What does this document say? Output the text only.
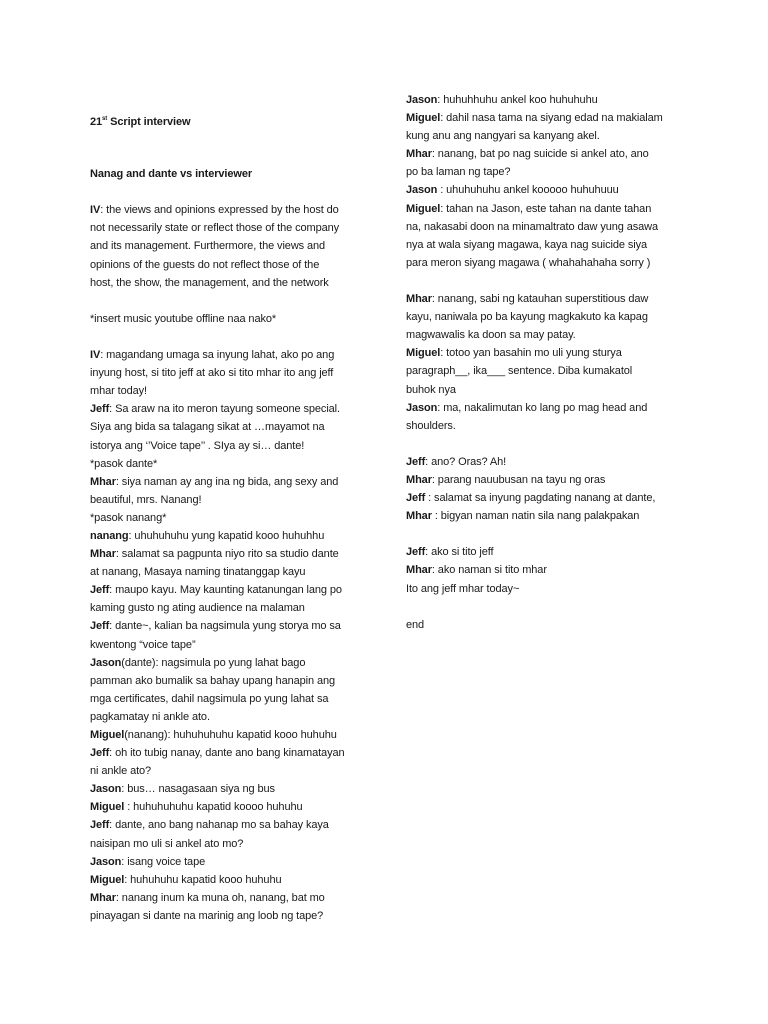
21st Script interview
Nanag and dante vs interviewer
IV: the views and opinions expressed by the host do
not necessarily state or reflect those of the company
and its management. Furthermore, the views and
opinions of the guests do not reflect those of the
host, the show, the management, and the network
*insert music youtube offline naa nako*
IV: magandang umaga sa inyung lahat, ako po ang
inyung host, si tito jeff at ako si tito mhar ito ang jeff
mhar today!
Jeff: Sa araw na ito meron tayung someone special.
Siya ang bida sa talagang sikat at …mayamot na
istorya ang ‘’Voice tape’’ . SIya ay si… dante!
*pasok dante*
Mhar: siya naman ay ang ina ng bida, ang sexy and
beautiful, mrs. Nanang!
*pasok nanang*
nanang: uhuhuhuhu yung kapatid kooo huhuhhu
Mhar: salamat sa pagpunta niyo rito sa studio dante
at nanang, Masaya naming tinatanggap kayu
Jeff: maupo kayu. May kaunting katanungan lang po
kaming gusto ng ating audience na malaman
Jeff: dante~, kalian ba nagsimula yung storya mo sa
kwentong “voice tape”
Jason(dante): nagsimula po yung lahat bago
pamman ako bumalik sa bahay upang hanapin ang
mga certificates, dahil nagsimula po yung lahat sa
pagkamatay ni ankle ato.
Miguel(nanang): huhuhuhuhu kapatid kooo huhuhu
Jeff: oh ito tubig nanay, dante ano bang kinamatayan
ni ankle ato?
Jason: bus… nasagasaan siya ng bus
Miguel : huhuhuhuhu kapatid koooo huhuhu
Jeff: dante, ano bang nahanap mo sa bahay kaya
naisipan mo uli si ankel ato mo?
Jason: isang voice tape
Miguel: huhuhuhu kapatid kooo huhuhu
Mhar: nanang inum ka muna oh, nanang, bat mo
pinayagan si dante na marinig ang loob ng tape?
Jason: huhuhhuhu ankel koo huhuhuhu
Miguel: dahil nasa tama na siyang edad na makialam
kung anu ang nangyari sa kanyang akel.
Mhar: nanang, bat po nag suicide si ankel ato, ano
po ba laman ng tape?
Jason : uhuhuhuhu ankel kooooo huhuhuuu
Miguel: tahan na Jason, este tahan na dante tahan
na, nakasabi doon na minamaltrato daw yung asawa
nya at wala siyang magawa, kaya nag suicide siya
para meron siyang magawa ( whahahahaha sorry )
Mhar: nanang, sabi ng katauhan superstitious daw
kayu, naniwala po ba kayung magkakuto ka kapag
magwawalis ka doon sa may patay.
Miguel: totoo yan basahin mo uli yung sturya
paragraph__, ika___ sentence. Diba kumakatol
buhok nya
Jason: ma, nakalimutan ko lang po mag head and
shoulders.
Jeff: ano? Oras? Ah!
Mhar: parang nauubusan na tayu ng oras
Jeff : salamat sa inyung pagdating nanang at dante,
Mhar : bigyan naman natin sila nang palakpakan
Jeff: ako si tito jeff
Mhar: ako naman si tito mhar
Ito ang jeff mhar today~
end
